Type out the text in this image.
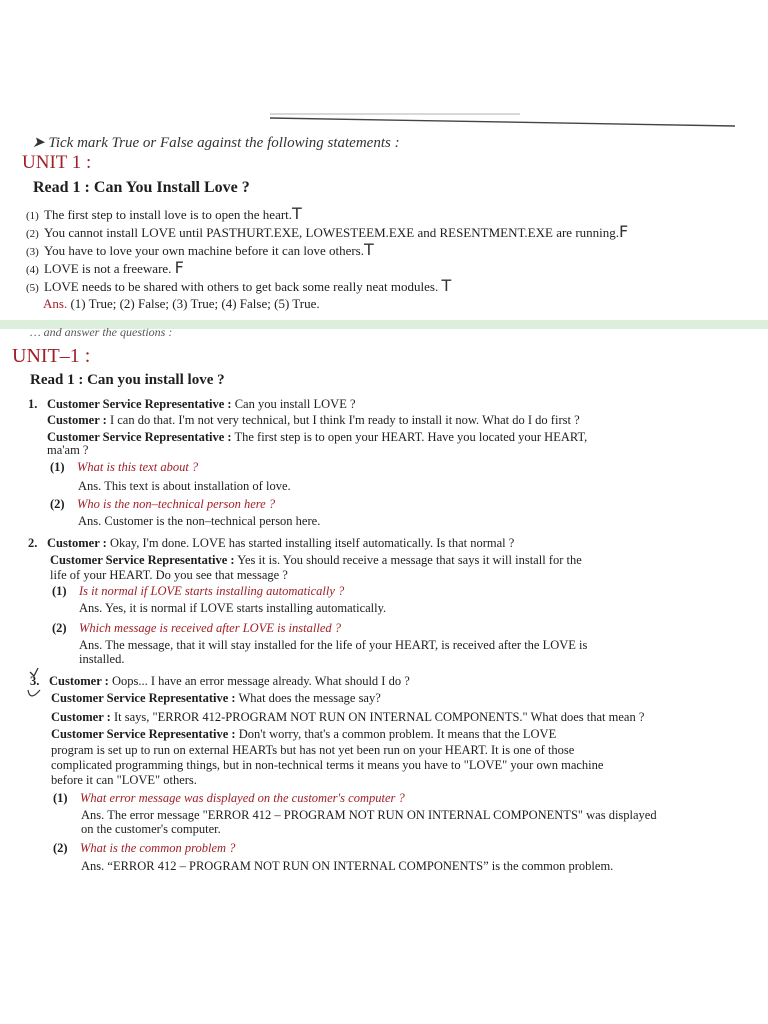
➤ Tick mark True or False against the following statements :
UNIT 1 :
Read 1 : Can You Install Love ?
(1) The first step to install love is to open the heart.T
(2) You cannot install LOVE until PASTHURT.EXE, LOWESTEEM.EXE and RESENTMENT.EXE are running.F
(3) You have to love your own machine before it can love others.T
(4) LOVE is not a freeware. F
(5) LOVE needs to be shared with others to get back some really neat modules. T
Ans. (1) True; (2) False; (3) True; (4) False; (5) True.
… and answer the questions :
UNIT–1 :
Read 1 : Can you install love ?
1. Customer Service Representative : Can you install LOVE ?
Customer : I can do that. I'm not very technical, but I think I'm ready to install it now. What do I do first ?
Customer Service Representative : The first step is to open your HEART. Have you located your HEART,
ma'am ?
(1) What is this text about ?
Ans. This text is about installation of love.
(2) Who is the non–technical person here ?
Ans. Customer is the non–technical person here.
2. Customer : Okay, I'm done. LOVE has started installing itself automatically. Is that normal ?
Customer Service Representative : Yes it is. You should receive a message that says it will install for the
life of your HEART. Do you see that message ?
(1) Is it normal if LOVE starts installing automatically ?
Ans. Yes, it is normal if LOVE starts installing automatically.
(2) Which message is received after LOVE is installed ?
Ans. The message, that it will stay installed for the life of your HEART, is received after the LOVE is
installed.
3. Customer : Oops... I have an error message already. What should I do ?
Customer Service Representative : What does the message say?
Customer : It says, "ERROR 412-PROGRAM NOT RUN ON INTERNAL COMPONENTS." What does that mean ?
Customer Service Representative : Don't worry, that's a common problem. It means that the LOVE
program is set up to run on external HEARTs but has not yet been run on your HEART. It is one of those
complicated programming things, but in non-technical terms it means you have to "LOVE" your own machine
before it can "LOVE" others.
(1) What error message was displayed on the customer's computer ?
Ans. The error message "ERROR 412 – PROGRAM NOT RUN ON INTERNAL COMPONENTS" was displayed
on the customer's computer.
(2) What is the common problem ?
Ans. “ERROR 412 – PROGRAM NOT RUN ON INTERNAL COMPONENTS” is the common problem.
